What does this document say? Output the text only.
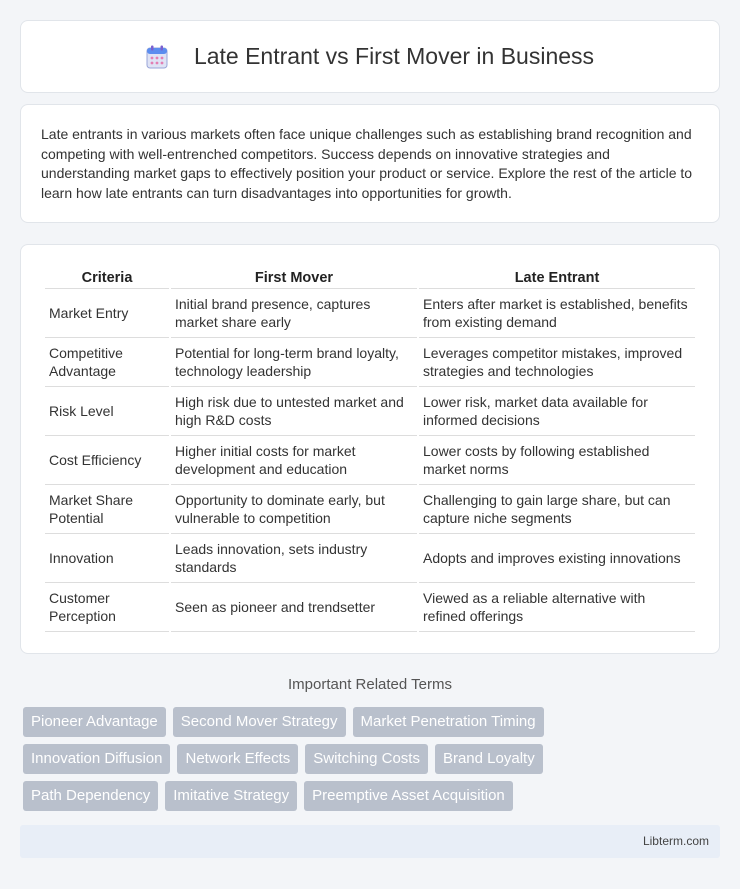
Late Entrant vs First Mover in Business

Late entrants in various markets often face unique challenges such as establishing brand recognition and competing with well-entrenched competitors. Success depends on innovative strategies and understanding market gaps to effectively position your product or service. Explore the rest of the article to learn how late entrants can turn disadvantages into opportunities for growth.

Criteria	First Mover	Late Entrant
Market Entry	Initial brand presence, captures market share early	Enters after market is established, benefits from existing demand
Competitive Advantage	Potential for long-term brand loyalty, technology leadership	Leverages competitor mistakes, improved strategies and technologies
Risk Level	High risk due to untested market and high R&D costs	Lower risk, market data available for informed decisions
Cost Efficiency	Higher initial costs for market development and education	Lower costs by following established market norms
Market Share Potential	Opportunity to dominate early, but vulnerable to competition	Challenging to gain large share, but can capture niche segments
Innovation	Leads innovation, sets industry standards	Adopts and improves existing innovations
Customer Perception	Seen as pioneer and trendsetter	Viewed as a reliable alternative with refined offerings
Important Related Terms
Pioneer Advantage	Second Mover Strategy	Market Penetration Timing
Innovation Diffusion	Network Effects	Switching Costs	Brand Loyalty
Path Dependency	Imitative Strategy	Preemptive Asset Acquisition
Libterm.com
